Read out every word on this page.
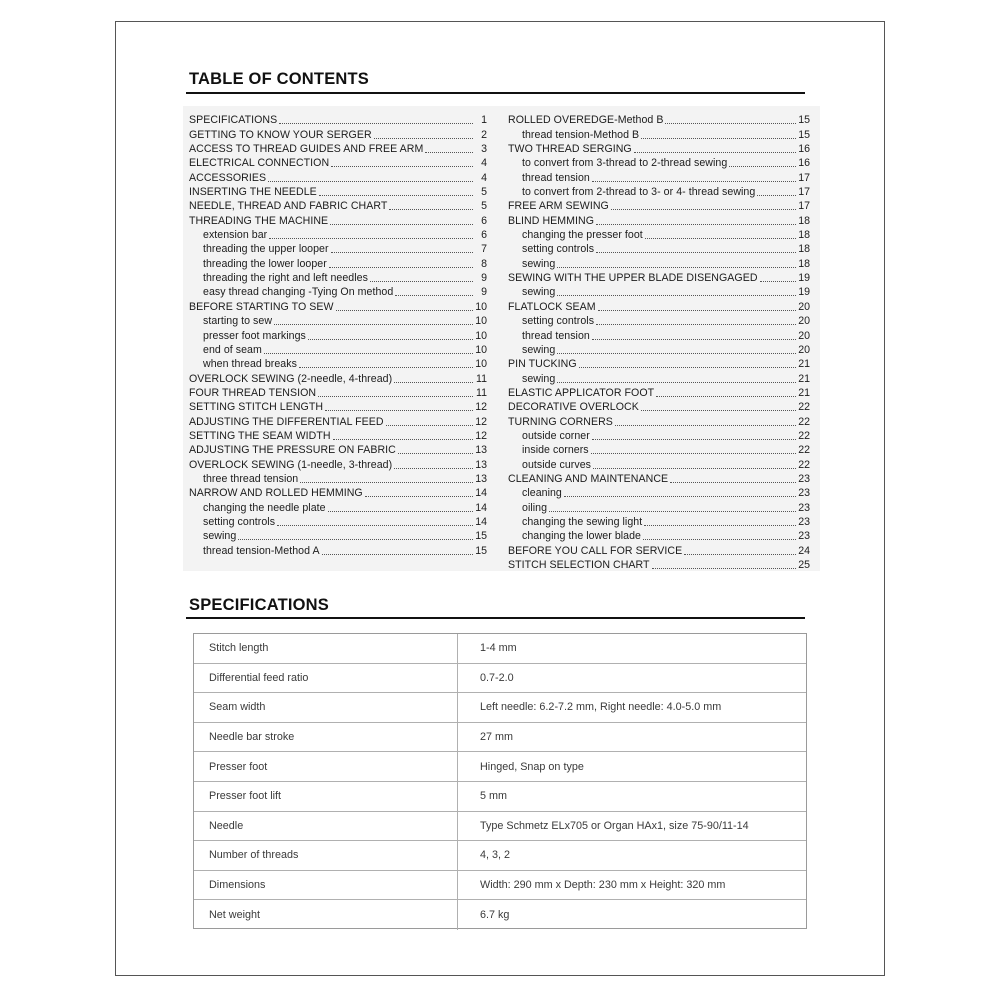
TABLE OF CONTENTS
SPECIFICATIONS	1
GETTING TO KNOW YOUR SERGER	2
ACCESS TO THREAD GUIDES AND FREE ARM	3
ELECTRICAL CONNECTION	4
ACCESSORIES	4
INSERTING THE NEEDLE	5
NEEDLE, THREAD AND FABRIC CHART	5
THREADING THE MACHINE	6
extension bar	6
threading the upper looper	7
threading the lower looper	8
threading the right and left needles	9
easy thread changing -Tying On method	9
BEFORE STARTING TO SEW	10
starting to sew	10
presser foot markings	10
end of seam	10
when thread breaks	10
OVERLOCK SEWING (2-needle, 4-thread)	11
FOUR THREAD TENSION	11
SETTING STITCH LENGTH	12
ADJUSTING THE DIFFERENTIAL FEED	12
SETTING THE SEAM WIDTH	12
ADJUSTING THE PRESSURE ON FABRIC	13
OVERLOCK SEWING (1-needle, 3-thread)	13
three thread tension	13
NARROW AND ROLLED HEMMING	14
changing the needle plate	14
setting controls	14
sewing	15
thread tension-Method A	15
ROLLED OVEREDGE-Method B	15
thread tension-Method B	15
TWO THREAD SERGING	16
to convert from 3-thread to 2-thread sewing	16
thread tension	17
to convert from 2-thread to 3- or 4- thread sewing	17
FREE ARM SEWING	17
BLIND HEMMING	18
changing the presser foot	18
setting controls	18
sewing	18
SEWING WITH THE UPPER BLADE DISENGAGED	19
sewing	19
FLATLOCK SEAM	20
setting controls	20
thread tension	20
sewing	20
PIN TUCKING	21
sewing	21
ELASTIC APPLICATOR FOOT	21
DECORATIVE OVERLOCK	22
TURNING CORNERS	22
outside corner	22
inside corners	22
outside curves	22
CLEANING AND MAINTENANCE	23
cleaning	23
oiling	23
changing the sewing light	23
changing the lower blade	23
BEFORE YOU CALL FOR SERVICE	24
STITCH SELECTION CHART	25
SPECIFICATIONS
Stitch length	1-4 mm
Differential feed ratio	0.7-2.0
Seam width	Left needle: 6.2-7.2 mm, Right needle: 4.0-5.0 mm
Needle bar stroke	27 mm
Presser foot	Hinged, Snap on type
Presser foot lift	5 mm
Needle	Type Schmetz ELx705 or Organ HAx1, size 75-90/11-14
Number of threads	4, 3, 2
Dimensions	Width: 290 mm x Depth: 230 mm x Height: 320 mm
Net weight	6.7 kg
